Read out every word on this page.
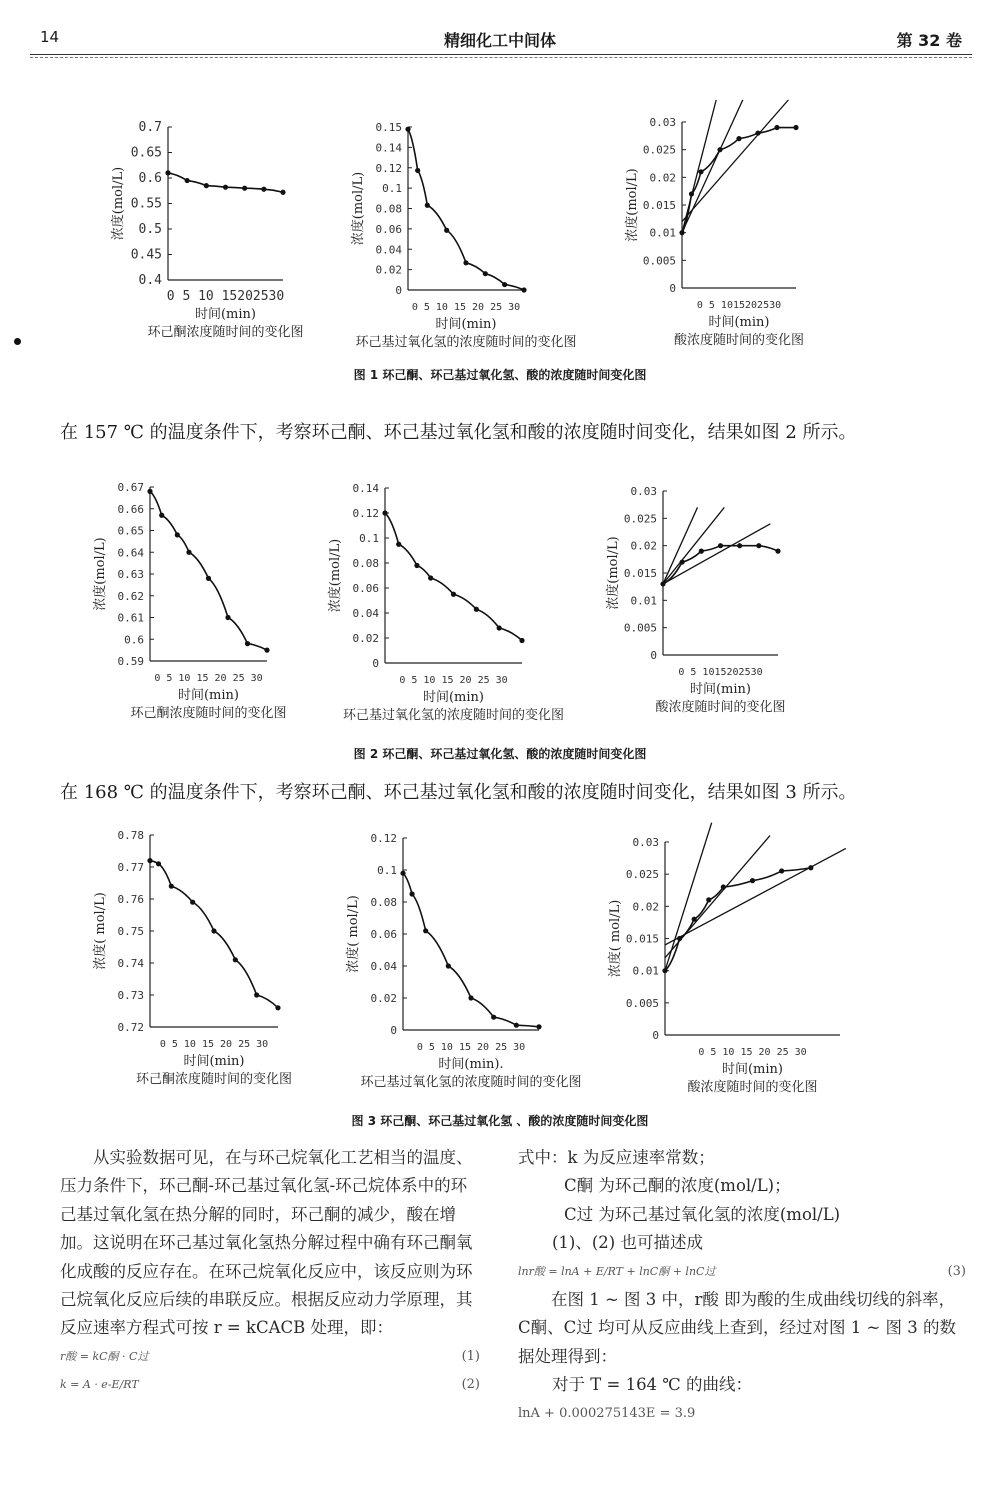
14	精细化工中间体	第 32 卷
0.7
0.65
0.6
0.55
0.5
0.45
0.4
0 5 10 15202530
时间(min)
环己酮浓度随时间的变化图
浓度(mol/L)
0.15
0.14
0.12
0.1
0.08
0.06
0.04
0.02
0
0 5 10 15 20 25 30
时间(min)
环己基过氧化氢的浓度随时间的变化图
浓度(mol/L)
0.03
0.025
0.02
0.015
0.01
0.005
0
0 5 1015202530
时间(min)
酸浓度随时间的变化图
浓度(mol/L)
图 1 环己酮、环己基过氧化氢、酸的浓度随时间变化图
在 157 ℃ 的温度条件下，考察环己酮、环己基过氧化氢和酸的浓度随时间变化，结果如图 2 所示。
0.67
0.66
0.65
0.64
0.63
0.62
0.61
0.6
0.59
0 5 10 15 20 25 30
时间(min)
环己酮浓度随时间的变化图
浓度(mol/L)
0.14
0.12
0.1
0.08
0.06
0.04
0.02
0
0 5 10 15 20 25 30
时间(min)
环己基过氧化氢的浓度随时间的变化图
浓度(mol/L)
0.03
0.025
0.02
0.015
0.01
0.005
0
0 5 1015202530
时间(min)
酸浓度随时间的变化图
浓度(mol/L)
图 2 环己酮、环己基过氧化氢、酸的浓度随时间变化图
在 168 ℃ 的温度条件下，考察环己酮、环己基过氧化氢和酸的浓度随时间变化，结果如图 3 所示。
0.78
0.77
0.76
0.75
0.74
0.73
0.72
0 5 10 15 20 25 30
时间(min)
环己酮浓度随时间的变化图
浓度( mol/L)
0.12
0.1
0.08
0.06
0.04
0.02
0
0 5 10 15 20 25 30
时间(min).
环己基过氧化氢的浓度随时间的变化图
浓度( mol/L)
0.03
0.025
0.02
0.015
0.01
0.005
0
0 5 10 15 20 25 30
时间(min)
酸浓度随时间的变化图
浓度( mol/L)
图 3 环己酮、环己基过氧化氢 、酸的浓度随时间变化图

从实验数据可见，在与环己烷氧化工艺相当的温度、压力条件下，环己酮-环己基过氧化氢-环己烷体系中的环己基过氧化氢在热分解的同时，环己酮的减少，酸在增加。这说明在环己基过氧化氢热分解过程中确有环己酮氧化成酸的反应存在。在环己烷氧化反应中，该反应则为环己烷氧化反应后续的串联反应。根据反应动力学原理，其反应速率方程式可按 r = kCACB 处理，即：

r酸 = kC酮 · C过	(1)
k = A · e-E/RT	(2)

式中：k 为反应速率常数；

C酮 为环己酮的浓度(mol/L)；

C过 为环己基过氧化氢的浓度(mol/L)

(1)、(2) 也可描述成

lnr酸 = lnA + E/RT + lnC酮 + lnC过	(3)

在图 1 ~ 图 3 中，r酸 即为酸的生成曲线切线的斜率，C酮、C过 均可从反应曲线上查到，经过对图 1 ~ 图 3 的数据处理得到：

对于 T = 164 ℃ 的曲线：

lnA + 0.000275143E = 3.9
